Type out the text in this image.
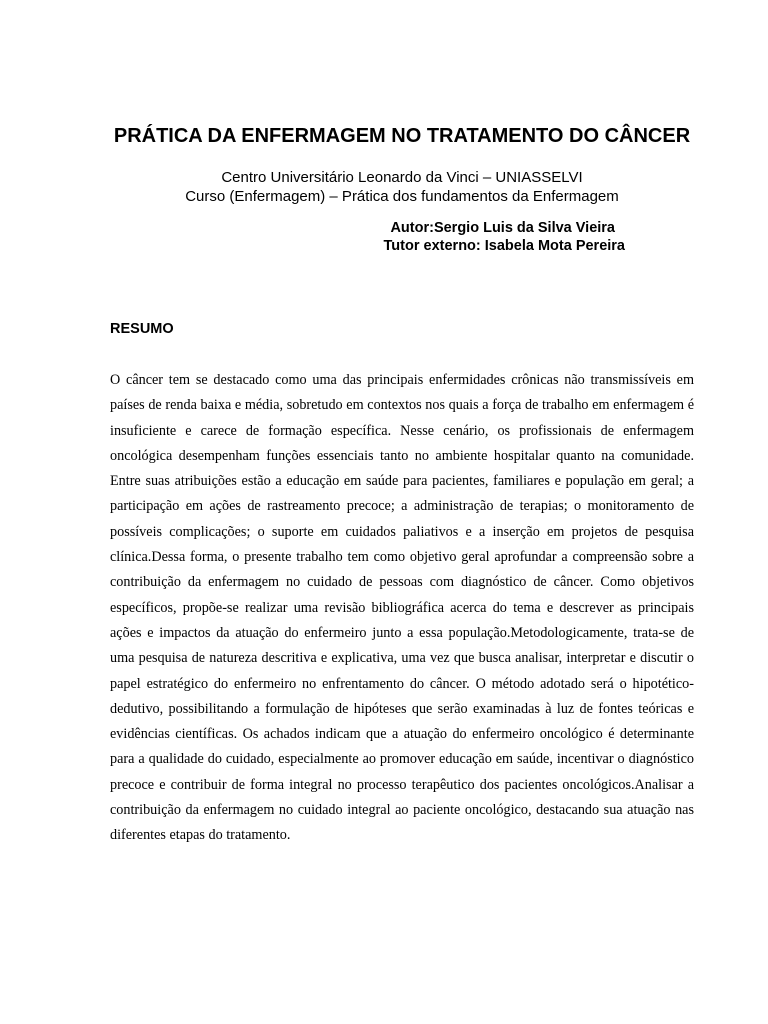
PRÁTICA DA ENFERMAGEM NO TRATAMENTO DO CÂNCER

Centro Universitário Leonardo da Vinci – UNIASSELVI

Curso (Enfermagem) – Prática dos fundamentos da Enfermagem

Autor:Sergio Luis da Silva Vieira

Tutor externo: Isabela Mota Pereira

RESUMO

O câncer tem se destacado como uma das principais enfermidades crônicas não transmissíveis em países de renda baixa e média, sobretudo em contextos nos quais a força de trabalho em enfermagem é insuficiente e carece de formação específica. Nesse cenário, os profissionais de enfermagem oncológica desempenham funções essenciais tanto no ambiente hospitalar quanto na comunidade. Entre suas atribuições estão a educação em saúde para pacientes, familiares e população em geral; a participação em ações de rastreamento precoce; a administração de terapias; o monitoramento de possíveis complicações; o suporte em cuidados paliativos e a inserção em projetos de pesquisa clínica.Dessa forma, o presente trabalho tem como objetivo geral aprofundar a compreensão sobre a contribuição da enfermagem no cuidado de pessoas com diagnóstico de câncer. Como objetivos específicos, propõe-se realizar uma revisão bibliográfica acerca do tema e descrever as principais ações e impactos da atuação do enfermeiro junto a essa população.Metodologicamente, trata-se de uma pesquisa de natureza descritiva e explicativa, uma vez que busca analisar, interpretar e discutir o papel estratégico do enfermeiro no enfrentamento do câncer. O método adotado será o hipotético-dedutivo, possibilitando a formulação de hipóteses que serão examinadas à luz de fontes teóricas e evidências científicas. Os achados indicam que a atuação do enfermeiro oncológico é determinante para a qualidade do cuidado, especialmente ao promover educação em saúde, incentivar o diagnóstico precoce e contribuir de forma integral no processo terapêutico dos pacientes oncológicos.Analisar a contribuição da enfermagem no cuidado integral ao paciente oncológico, destacando sua atuação nas diferentes etapas do tratamento.
